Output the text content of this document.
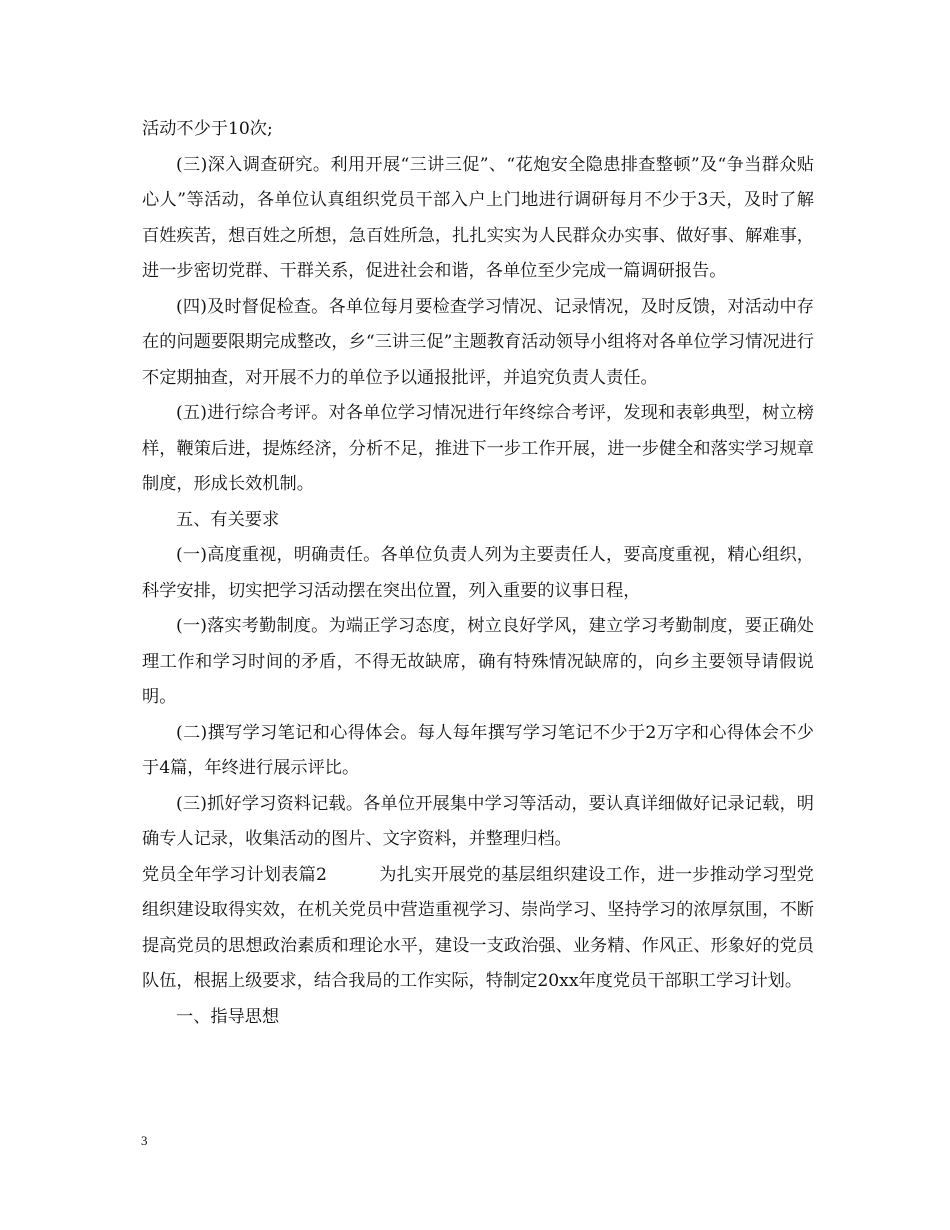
活动不少于10次;

(三)深入调查研究。利用开展“三讲三促”、“花炮安全隐患排查整顿”及“争当群众贴心人”等活动，各单位认真组织党员干部入户上门地进行调研每月不少于3天，及时了解百姓疾苦，想百姓之所想，急百姓所急，扎扎实实为人民群众办实事、做好事、解难事，进一步密切党群、干群关系，促进社会和谐，各单位至少完成一篇调研报告。

(四)及时督促检查。各单位每月要检查学习情况、记录情况，及时反馈，对活动中存在的问题要限期完成整改，乡“三讲三促”主题教育活动领导小组将对各单位学习情况进行不定期抽查，对开展不力的单位予以通报批评，并追究负责人责任。

(五)进行综合考评。对各单位学习情况进行年终综合考评，发现和表彰典型，树立榜样，鞭策后进，提炼经济，分析不足，推进下一步工作开展，进一步健全和落实学习规章制度，形成长效机制。

五、有关要求

(一)高度重视，明确责任。各单位负责人列为主要责任人，要高度重视，精心组织，科学安排，切实把学习活动摆在突出位置，列入重要的议事日程，

(一)落实考勤制度。为端正学习态度，树立良好学风，建立学习考勤制度，要正确处理工作和学习时间的矛盾，不得无故缺席，确有特殊情况缺席的，向乡主要领导请假说明。

(二)撰写学习笔记和心得体会。每人每年撰写学习笔记不少于2万字和心得体会不少于4篇，年终进行展示评比。

(三)抓好学习资料记载。各单位开展集中学习等活动，要认真详细做好记录记载，明确专人记录，收集活动的图片、文字资料，并整理归档。

党员全年学习计划表篇2　　　为扎实开展党的基层组织建设工作，进一步推动学习型党组织建设取得实效，在机关党员中营造重视学习、崇尚学习、坚持学习的浓厚氛围，不断提高党员的思想政治素质和理论水平，建设一支政治强、业务精、作风正、形象好的党员队伍，根据上级要求，结合我局的工作实际，特制定20xx年度党员干部职工学习计划。

一、指导思想

3
